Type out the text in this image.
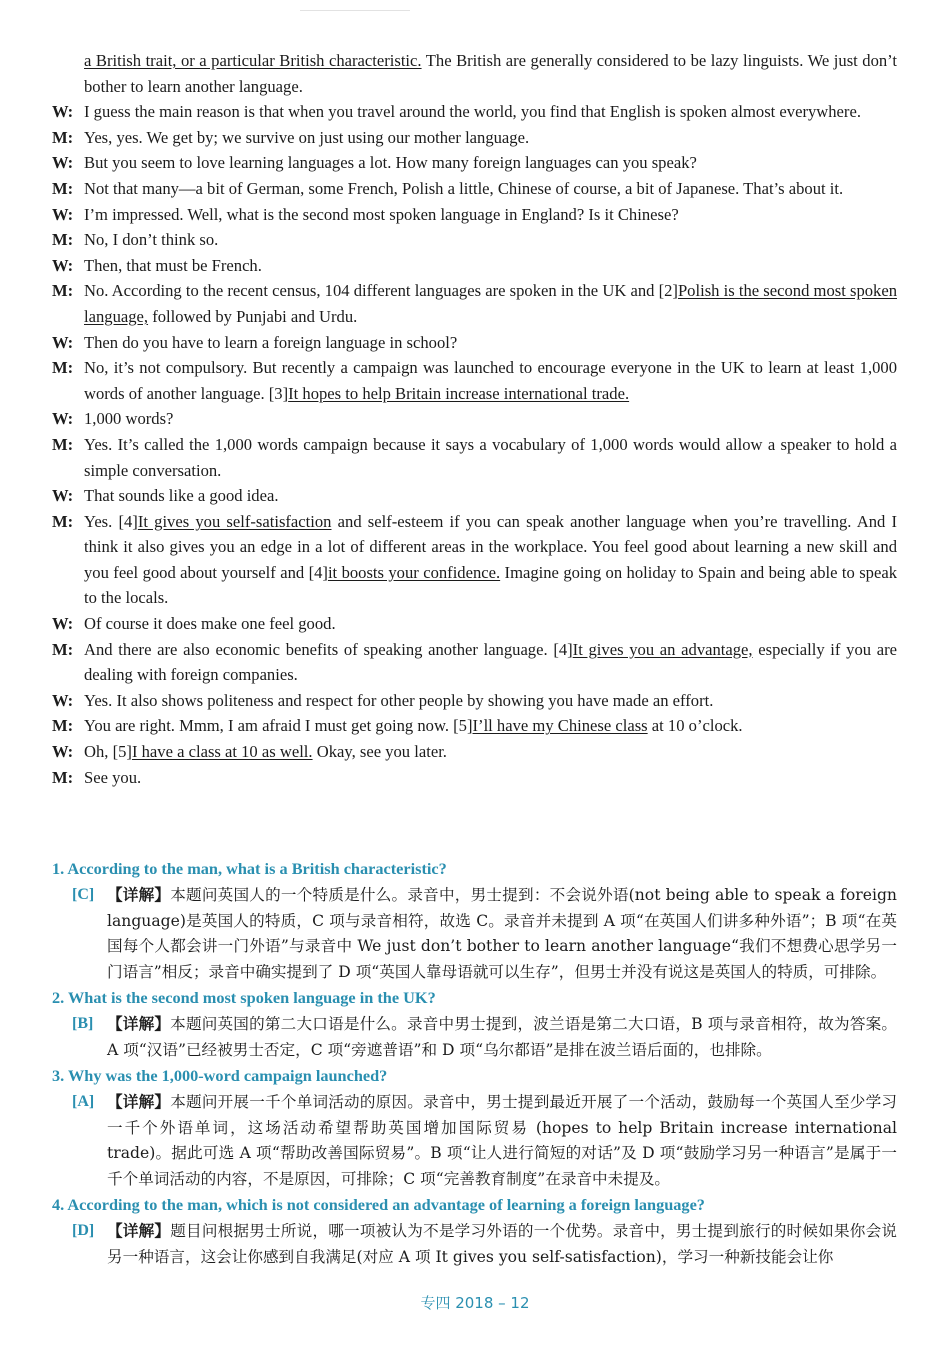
a British trait, or a particular British characteristic. The British are generally considered to be lazy linguists. We just don’t bother to learn another language.
W: I guess the main reason is that when you travel around the world, you find that English is spoken almost everywhere.
M: Yes, yes. We get by; we survive on just using our mother language.
W: But you seem to love learning languages a lot. How many foreign languages can you speak?
M: Not that many—a bit of German, some French, Polish a little, Chinese of course, a bit of Japanese. That’s about it.
W: I’m impressed. Well, what is the second most spoken language in England? Is it Chinese?
M: No, I don’t think so.
W: Then, that must be French.
M: No. According to the recent census, 104 different languages are spoken in the UK and [2]Polish is the second most spoken language, followed by Punjabi and Urdu.
W: Then do you have to learn a foreign language in school?
M: No, it’s not compulsory. But recently a campaign was launched to encourage everyone in the UK to learn at least 1,000 words of another language. [3]It hopes to help Britain increase international trade.
W: 1,000 words?
M: Yes. It’s called the 1,000 words campaign because it says a vocabulary of 1,000 words would allow a speaker to hold a simple conversation.
W: That sounds like a good idea.
M: Yes. [4]It gives you self-satisfaction and self-esteem if you can speak another language when you’re travelling. And I think it also gives you an edge in a lot of different areas in the workplace. You feel good about learning a new skill and you feel good about yourself and [4]it boosts your confidence. Imagine going on holiday to Spain and being able to speak to the locals.
W: Of course it does make one feel good.
M: And there are also economic benefits of speaking another language. [4]It gives you an advantage, especially if you are dealing with foreign companies.
W: Yes. It also shows politeness and respect for other people by showing you have made an effort.
M: You are right. Mmm, I am afraid I must get going now. [5]I’ll have my Chinese class at 10 o’clock.
W: Oh, [5]I have a class at 10 as well. Okay, see you later.
M: See you.
1. According to the man, what is a British characteristic?
[C] 【详解】本题问英国人的一个特质是什么。录音中，男士提到：不会说外语(not being able to speak a foreign language)是英国人的特质，C 项与录音相符，故选 C。录音并未提到 A 项“在英国人们讲多种外语”；B 项“在英国每个人都会讲一门外语”与录音中 We just don’t bother to learn another language“我们不想费心思学另一门语言”相反；录音中确实提到了 D 项“英国人靠母语就可以生存”，但男士并没有说这是英国人的特质，可排除。
2. What is the second most spoken language in the UK?
[B] 【详解】本题问英国的第二大口语是什么。录音中男士提到，波兰语是第二大口语，B 项与录音相符，故为答案。A 项“汉语”已经被男士否定，C 项“旁遮普语”和 D 项“乌尔都语”是排在波兰语后面的，也排除。
3. Why was the 1,000-word campaign launched?
[A] 【详解】本题问开展一千个单词活动的原因。录音中，男士提到最近开展了一个活动，鼓励每一个英国人至少学习一千个外语单词，这场活动希望帮助英国增加国际贸易 (hopes to help Britain increase international trade)。据此可选 A 项“帮助改善国际贸易”。B 项“让人进行简短的对话”及 D 项“鼓励学习另一种语言”是属于一千个单词活动的内容，不是原因，可排除；C 项“完善教育制度”在录音中未提及。
4. According to the man, which is not considered an advantage of learning a foreign language?
[D] 【详解】题目问根据男士所说，哪一项被认为不是学习外语的一个优势。录音中，男士提到旅行的时候如果你会说另一种语言，这会让你感到自我满足(对应 A 项 It gives you self-satisfaction)，学习一种新技能会让你
专四 2018 – 12
